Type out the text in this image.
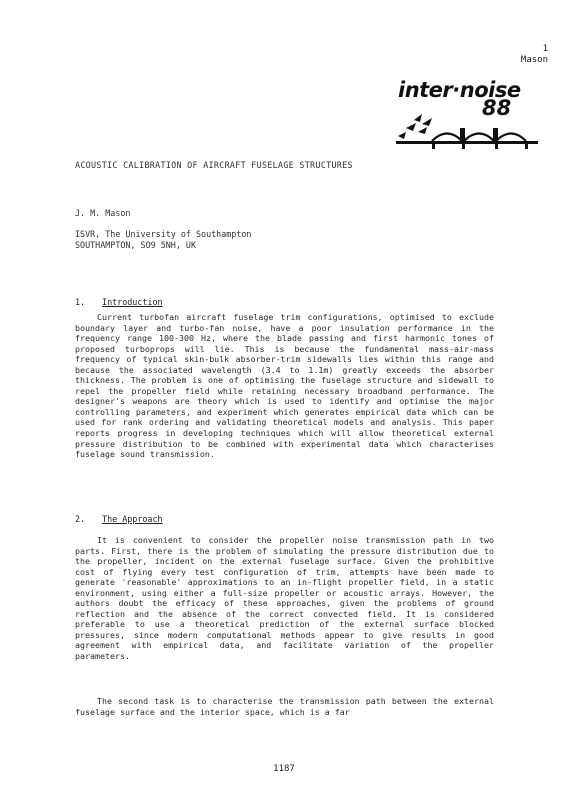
1
Mason
inter·noise
88
ACOUSTIC CALIBRATION OF AIRCRAFT FUSELAGE STRUCTURES
J. M. Mason
ISVR, The University of Southampton
SOUTHAMPTON, SO9 5NH, UK
1. Introduction

Current turbofan aircraft fuselage trim configurations, optimised to exclude boundary layer and turbo-fan noise, have a poor insulation performance in the frequency range 100-300 Hz, where the blade passing and first harmonic tones of proposed turboprops will lie. This is because the fundamental mass-air-mass frequency of typical skin-bulk absorber-trim sidewalls lies within this range and because the associated wavelength (3.4 to 1.1m) greatly exceeds the absorber thickness. The problem is one of optimising the fuselage structure and sidewall to repel the propeller field while retaining necessary broadband performance. The designer's weapons are theory which is used to identify and optimise the major controlling parameters, and experiment which generates empirical data which can be used for rank ordering and validating theoretical models and analysis. This paper reports progress in developing techniques which will allow theoretical external pressure distribution to be combined with experimental data which characterises fuselage sound transmission.

2. The Approach

It is convenient to consider the propeller noise transmission path in two parts. First, there is the problem of simulating the pressure distribution due to the propeller, incident on the external fuselage surface. Given the prohibitive cost of flying every test configuration of trim, attempts have been made to generate 'reasonable' approximations to an in-flight propeller field, in a static environment, using either a full-size propeller or acoustic arrays. However, the authors doubt the efficacy of these approaches, given the problems of ground reflection and the absence of the correct convected field. It is considered preferable to use a theoretical prediction of the external surface blocked pressures, since modern computational methods appear to give results in good agreement with empirical data, and facilitate variation of the propeller parameters.

The second task is to characterise the transmission path between the external fuselage surface and the interior space, which is a far

1187
